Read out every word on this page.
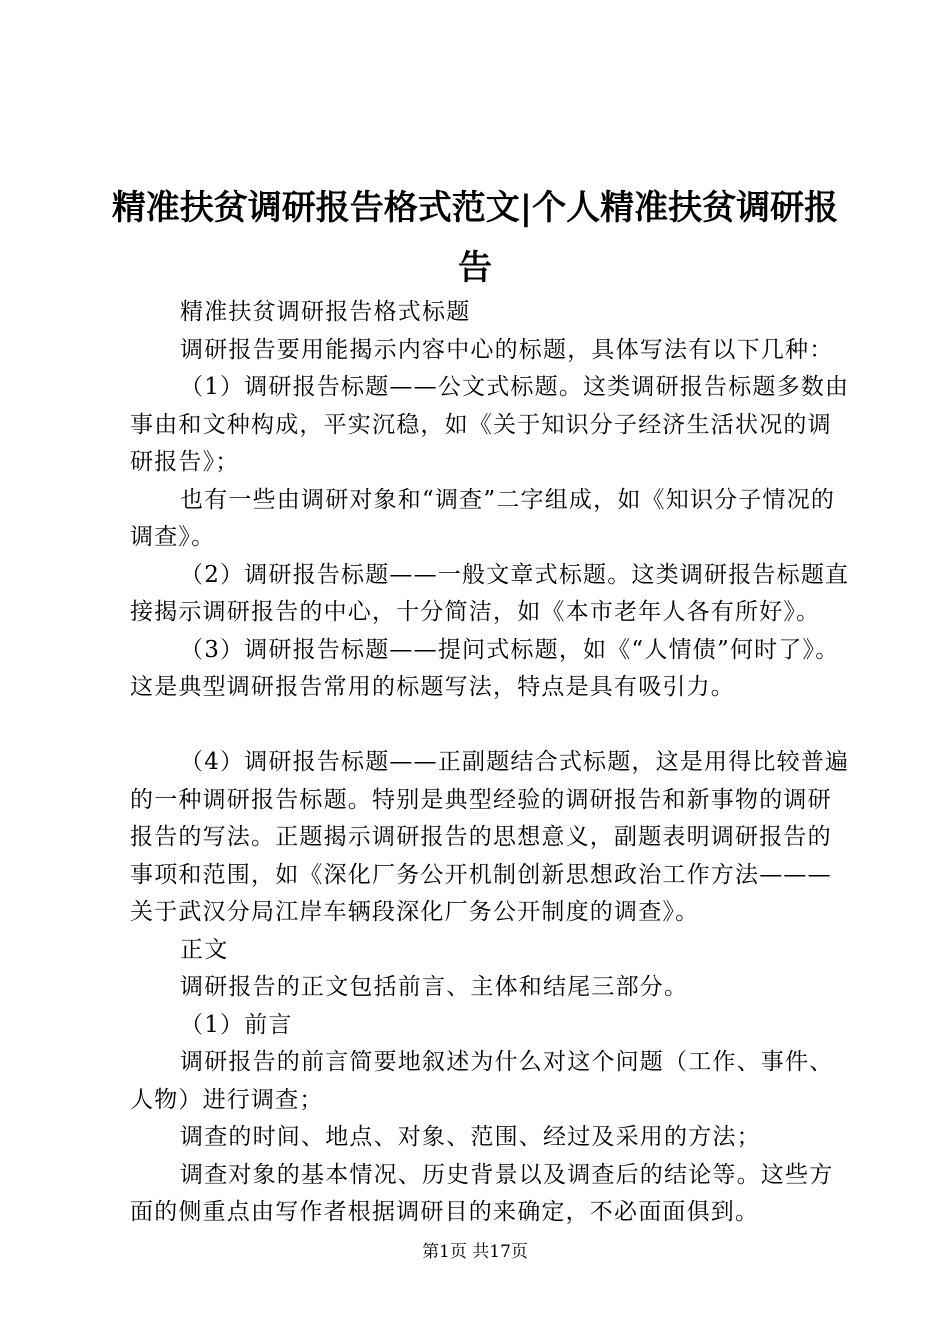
精准扶贫调研报告格式范文|个人精准扶贫调研报告

精准扶贫调研报告格式标题

调研报告要用能揭示内容中心的标题，具体写法有以下几种：

（1）调研报告标题——公文式标题。这类调研报告标题多数由事由和文种构成，平实沉稳，如《关于知识分子经济生活状况的调研报告》；

也有一些由调研对象和“调查”二字组成，如《知识分子情况的调查》。

（2）调研报告标题——一般文章式标题。这类调研报告标题直接揭示调研报告的中心，十分简洁，如《本市老年人各有所好》。

（3）调研报告标题——提问式标题，如《“人情债”何时了》。这是典型调研报告常用的标题写法，特点是具有吸引力。

（4）调研报告标题——正副题结合式标题，这是用得比较普遍的一种调研报告标题。特别是典型经验的调研报告和新事物的调研报告的写法。正题揭示调研报告的思想意义，副题表明调研报告的事项和范围，如《深化厂务公开机制创新思想政治工作方法———关于武汉分局江岸车辆段深化厂务公开制度的调查》。

正文

调研报告的正文包括前言、主体和结尾三部分。

（1）前言

调研报告的前言简要地叙述为什么对这个问题（工作、事件、人物）进行调查；

调查的时间、地点、对象、范围、经过及采用的方法；

调查对象的基本情况、历史背景以及调查后的结论等。这些方面的侧重点由写作者根据调研目的来确定，不必面面俱到。

第1页 共17页
